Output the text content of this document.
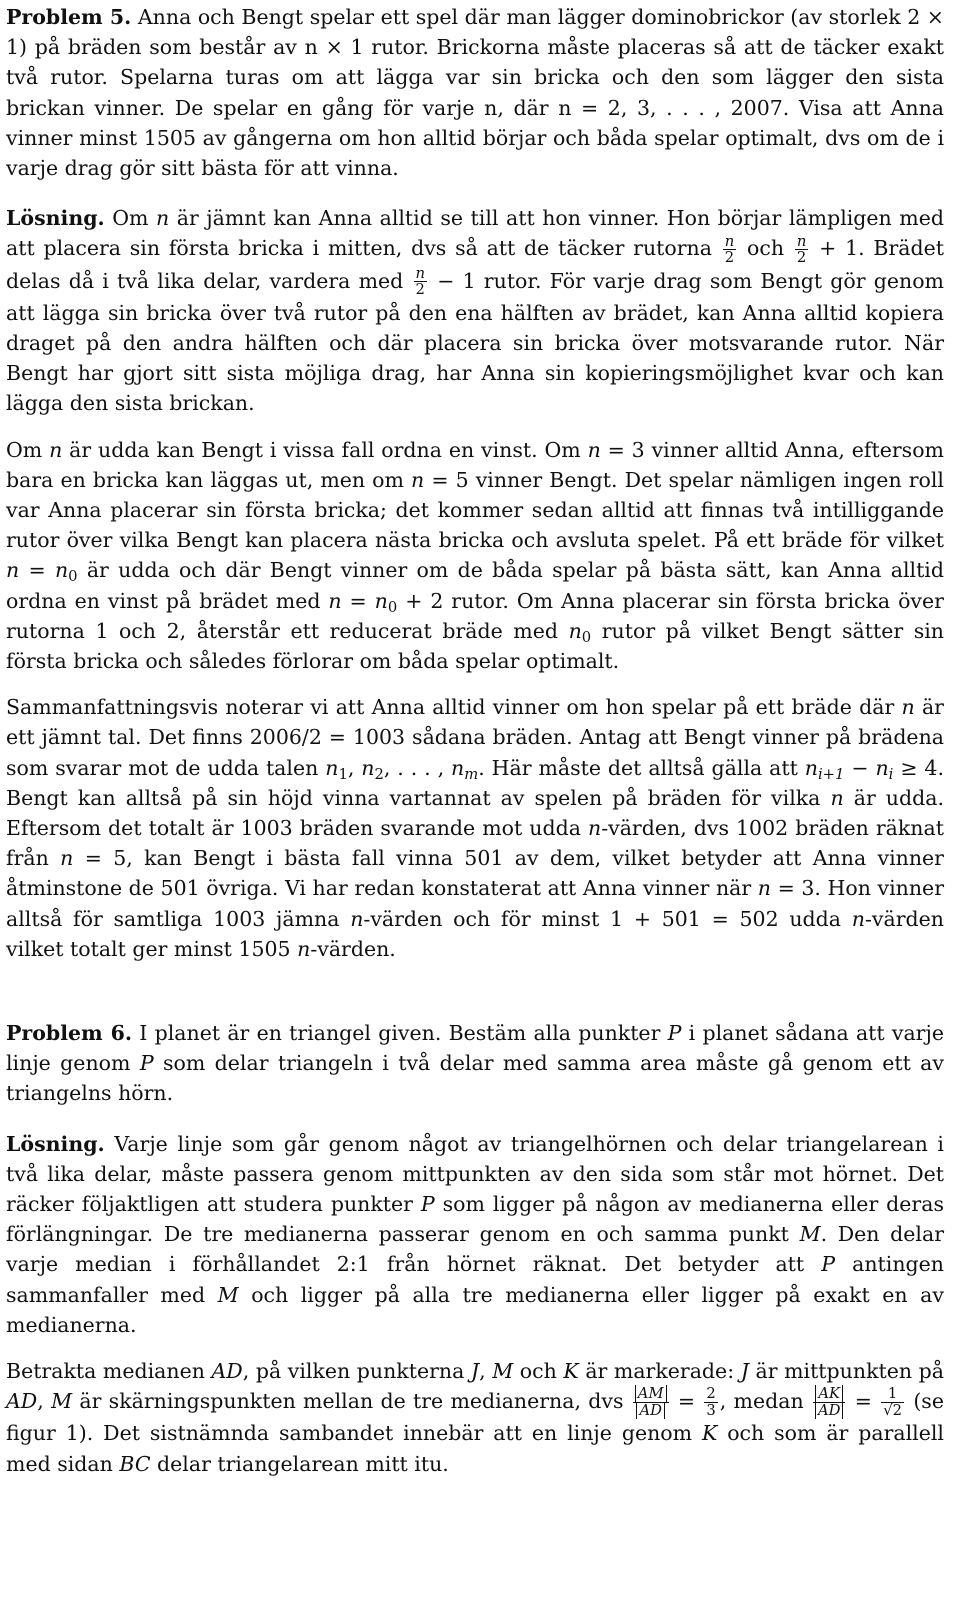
Problem 5. Anna och Bengt spelar ett spel där man lägger dominobrickor (av storlek 2 × 1) på bräden som består av n × 1 rutor. Brickorna måste placeras så att de täcker exakt två rutor. Spelarna turas om att lägga var sin bricka och den som lägger den sista brickan vinner. De spelar en gång för varje n, där n = 2, 3, . . . , 2007. Visa att Anna vinner minst 1505 av gångerna om hon alltid börjar och båda spelar optimalt, dvs om de i varje drag gör sitt bästa för att vinna.

Lösning. Om n är jämnt kan Anna alltid se till att hon vinner. Hon börjar lämpligen med att placera sin första bricka i mitten, dvs så att de täcker rutorna $\frac{n}{2}$ och $\frac{n}{2} + 1$. Brädet delas då i två lika delar, vardera med $\frac{n}{2} - 1$ rutor. För varje drag som Bengt gör genom att lägga sin bricka över två rutor på den ena hälften av brädet, kan Anna alltid kopiera draget på den andra hälften och där placera sin bricka över motsvarande rutor. När Bengt har gjort sitt sista möjliga drag, har Anna sin kopieringsmöjlighet kvar och kan lägga den sista brickan.

Om n är udda kan Bengt i vissa fall ordna en vinst. Om n = 3 vinner alltid Anna, eftersom bara en bricka kan läggas ut, men om n = 5 vinner Bengt. Det spelar nämligen ingen roll var Anna placerar sin första bricka; det kommer sedan alltid att finnas två intilliggande rutor över vilka Bengt kan placera nästa bricka och avsluta spelet. På ett bräde för vilket $n = n_0$ är udda och där Bengt vinner om de båda spelar på bästa sätt, kan Anna alltid ordna en vinst på brädet med $n = n_0 + 2$ rutor. Om Anna placerar sin första bricka över rutorna 1 och 2, återstår ett reducerat bräde med $n_0$ rutor på vilket Bengt sätter sin första bricka och således förlorar om båda spelar optimalt.

Sammanfattningsvis noterar vi att Anna alltid vinner om hon spelar på ett bräde där n är ett jämnt tal. Det finns 2006/2 = 1003 sådana bräden. Antag att Bengt vinner på brädena som svarar mot de udda talen $n_1$, $n_2$, . . . , $n_m$. Här måste det alltså gälla att $n_{i+1} - n_i \ge 4$. Bengt kan alltså på sin höjd vinna vartannat av spelen på bräden för vilka n är udda. Eftersom det totalt är 1003 bräden svarande mot udda n-värden, dvs 1002 bräden räknat från n = 5, kan Bengt i bästa fall vinna 501 av dem, vilket betyder att Anna vinner åtminstone de 501 övriga. Vi har redan konstaterat att Anna vinner när n = 3. Hon vinner alltså för samtliga 1003 jämna n-värden och för minst 1 + 501 = 502 udda n-värden vilket totalt ger minst 1505 n-värden.

Problem 6. I planet är en triangel given. Bestäm alla punkter P i planet sådana att varje linje genom P som delar triangeln i två delar med samma area måste gå genom ett av triangelns hörn.

Lösning. Varje linje som går genom något av triangelhörnen och delar triangelarean i två lika delar, måste passera genom mittpunkten av den sida som står mot hörnet. Det räcker följaktligen att studera punkter P som ligger på någon av medianerna eller deras förlängningar. De tre medianerna passerar genom en och samma punkt M. Den delar varje median i förhållandet 2:1 från hörnet räknat. Det betyder att P antingen sammanfaller med M och ligger på alla tre medianerna eller ligger på exakt en av medianerna.

Betrakta medianen AD, på vilken punkterna J, M och K är markerade: J är mittpunkten på AD, M är skärningspunkten mellan de tre medianerna, dvs $\frac{AM}{AD} = \frac{2}{3}$ , medan $\frac{AK}{AD} = \frac{1}{√2} (se$ figur 1). Det sistnämnda sambandet innebär att en linje genom K och som är parallell med sidan BC delar triangelarean mitt itu.
